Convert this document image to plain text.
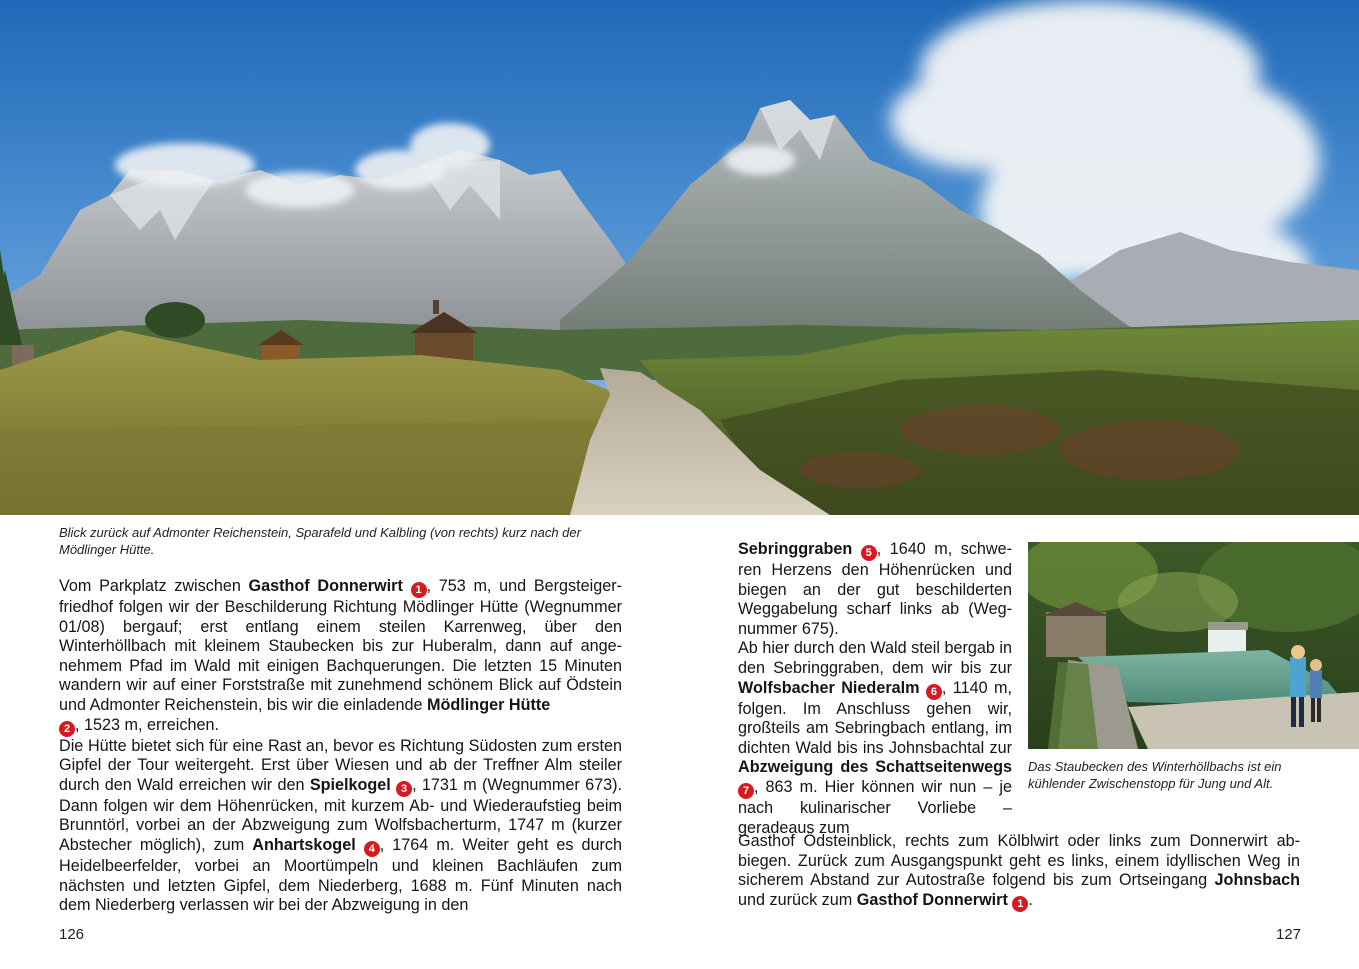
Blick zurück auf Admonter Reichenstein, Sparafeld und Kalbling (von rechts) kurz nach der Mödlinger Hütte.

Vom Parkplatz zwischen Gasthof Donnerwirt 1 , 753 m, und Bergsteigerfriedhof folgen wir der Beschilderung Richtung Mödlinger Hütte (Wegnummer 01/08) bergauf; erst entlang einem steilen Karrenweg, über den Winterhöllbach mit kleinem Staubecken bis zur Huberalm, dann auf angenehmem Pfad im Wald mit einigen Bachquerungen. Die letzten 15 Minuten wandern wir auf einer Forststraße mit zunehmend schönem Blick auf Ödstein und Admonter Reichenstein, bis wir die einladende Mödlinger Hütte
2 , 1523 m, erreichen.

Die Hütte bietet sich für eine Rast an, bevor es Richtung Südosten zum ersten Gipfel der Tour weitergeht. Erst über Wiesen und ab der Treffner Alm steiler durch den Wald erreichen wir den Spielkogel 3 , 1731 m (Wegnummer 673). Dann folgen wir dem Höhenrücken, mit kurzem Ab- und Wiederaufstieg beim Brunntörl, vorbei an der Abzweigung zum Wolfsbacherturm, 1747 m (kurzer Abstecher möglich), zum Anhartskogel 4 , 1764 m. Weiter geht es durch Heidelbeerfelder, vorbei an Moortümpeln und kleinen Bachläufen zum nächsten und letzten Gipfel, dem Niederberg, 1688 m. Fünf Minuten nach dem Niederberg verlassen wir bei der Abzweigung in den

126

Das Staubecken des Winterhöllbachs ist ein kühlender Zwischenstopp für Jung und Alt.

Sebringgraben 5 , 1640 m, schweren Herzens den Höhenrücken und biegen an der gut beschilderten Weggabelung scharf links ab (Wegnummer 675).

Ab hier durch den Wald steil bergab in den Sebringgraben, dem wir bis zur Wolfsbacher Niederalm 6 , 1140 m, folgen. Im Anschluss gehen wir, großteils am Sebringbach entlang, im dichten Wald bis ins Johnsbachtal zur Abzweigung des Schattseitenwegs 7 , 863 m. Hier können wir nun – je nach kulinarischer Vorliebe – geradeaus zum

Gasthof Ödsteinblick, rechts zum Kölblwirt oder links zum Donnerwirt abbiegen. Zurück zum Ausgangspunkt geht es links, einem idyllischen Weg in sicherem Abstand zur Autostraße folgend bis zum Ortseingang Johnsbach und zurück zum Gasthof Donnerwirt 1 .

127
